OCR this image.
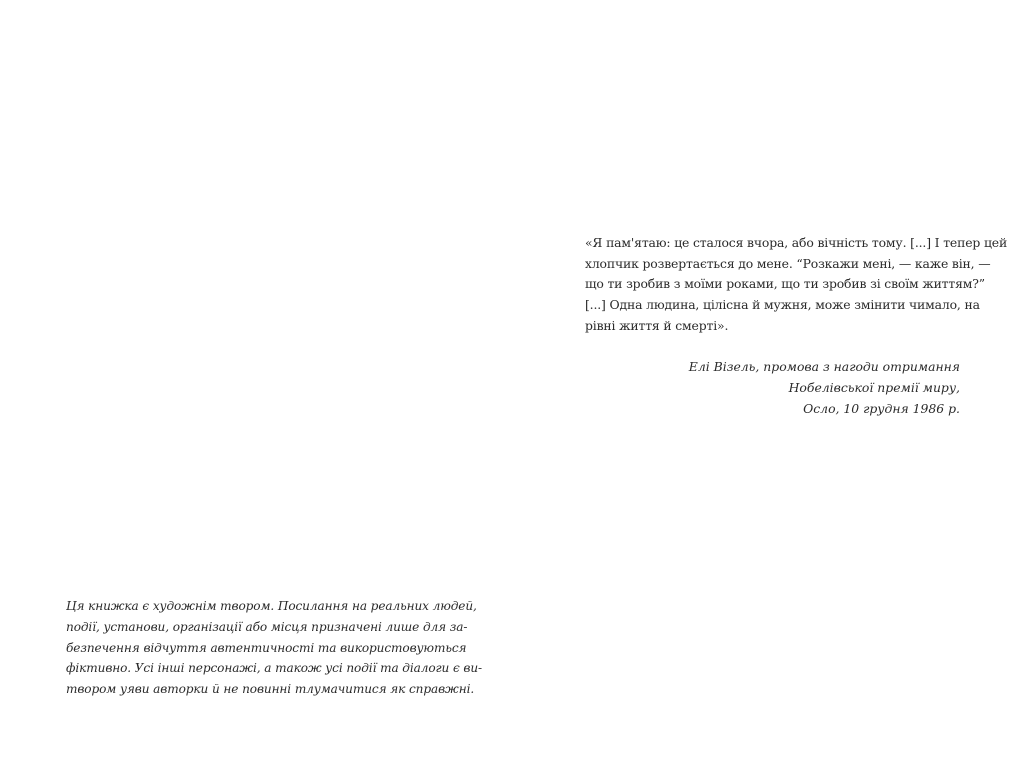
Ця книжка є художнім твором. Посилання на реальних людей,
події, установи, організації або місця призначені лише для за-
безпечення відчуття автентичності та використовуються
фіктивно. Усі інші персонажі, а також усі події та діалоги є ви-
твором уяви авторки й не повинні тлумачитися як справжні.
«Я пам'ятаю: це сталося вчора, або вічність тому. [...] І тепер цей
хлопчик розвертається до мене. “Розкажи мені, — каже він, —
що ти зробив з моїми роками, що ти зробив зі своїм життям?”
[...] Одна людина, цілісна й мужня, може змінити чимало, на
рівні життя й смерті».
Елі Візель, промова з нагоди отримання
Нобелівської премії миру,
Осло, 10 грудня 1986 р.
